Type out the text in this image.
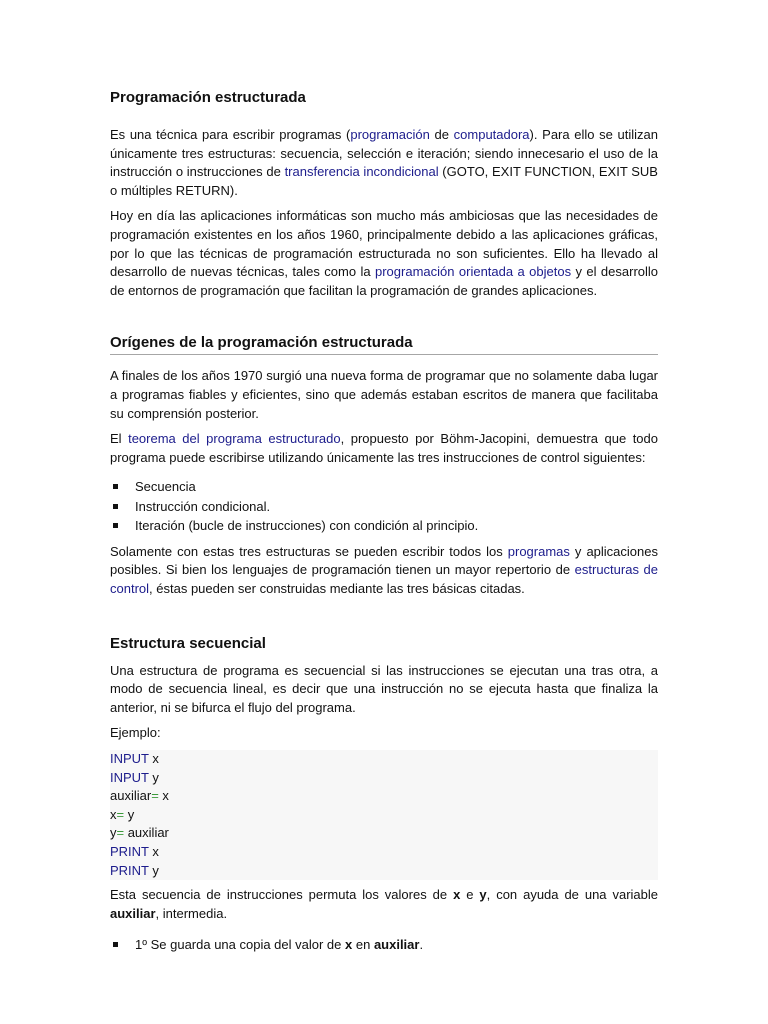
Programación estructurada

Es una técnica para escribir programas (programación de computadora). Para ello se utilizan únicamente tres estructuras: secuencia, selección e iteración; siendo innecesario el uso de la instrucción o instrucciones de transferencia incondicional (GOTO, EXIT FUNCTION, EXIT SUB o múltiples RETURN).

Hoy en día las aplicaciones informáticas son mucho más ambiciosas que las necesidades de programación existentes en los años 1960, principalmente debido a las aplicaciones gráficas, por lo que las técnicas de programación estructurada no son suficientes. Ello ha llevado al desarrollo de nuevas técnicas, tales como la programación orientada a objetos y el desarrollo de entornos de programación que facilitan la programación de grandes aplicaciones.

Orígenes de la programación estructurada

A finales de los años 1970 surgió una nueva forma de programar que no solamente daba lugar a programas fiables y eficientes, sino que además estaban escritos de manera que facilitaba su comprensión posterior.

El teorema del programa estructurado, propuesto por Böhm-Jacopini, demuestra que todo programa puede escribirse utilizando únicamente las tres instrucciones de control siguientes:

Secuencia
Instrucción condicional.
Iteración (bucle de instrucciones) con condición al principio.

Solamente con estas tres estructuras se pueden escribir todos los programas y aplicaciones posibles. Si bien los lenguajes de programación tienen un mayor repertorio de estructuras de control, éstas pueden ser construidas mediante las tres básicas citadas.

Estructura secuencial

Una estructura de programa es secuencial si las instrucciones se ejecutan una tras otra, a modo de secuencia lineal, es decir que una instrucción no se ejecuta hasta que finaliza la anterior, ni se bifurca el flujo del programa.

Ejemplo:

INPUT x
INPUT y
auxiliar= x
x= y
y= auxiliar
PRINT x
PRINT y

Esta secuencia de instrucciones permuta los valores de x e y, con ayuda de una variable auxiliar, intermedia.

1º Se guarda una copia del valor de x en auxiliar.
